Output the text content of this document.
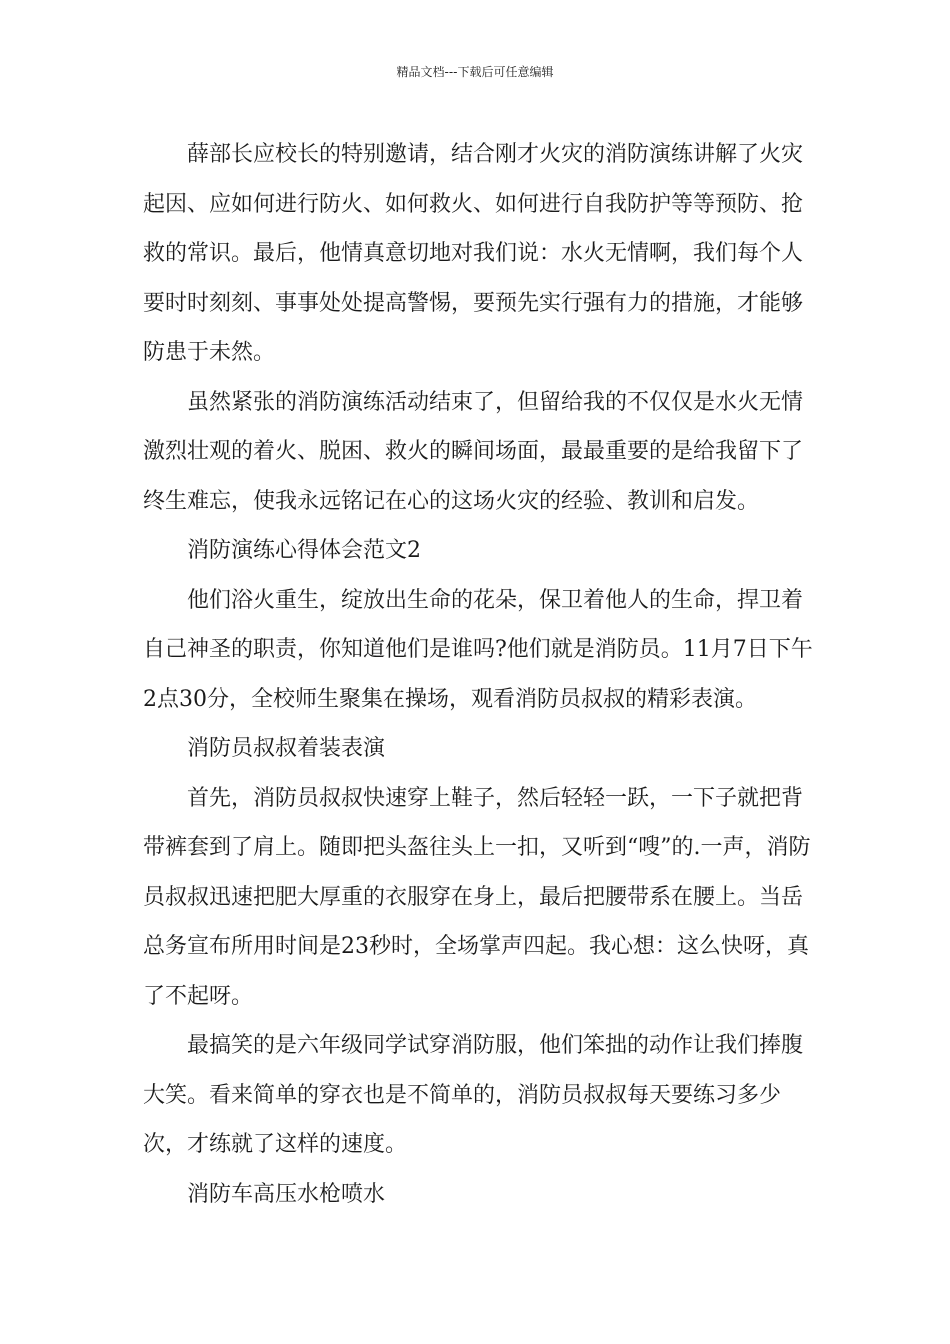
精品文档---下载后可任意编辑

薛部长应校长的特别邀请，结合刚才火灾的消防演练讲解了火灾起因、应如何进行防火、如何救火、如何进行自我防护等等预防、抢救的常识。最后，他情真意切地对我们说：水火无情啊，我们每个人要时时刻刻、事事处处提高警惕，要预先实行强有力的措施，才能够防患于未然。

虽然紧张的消防演练活动结束了，但留给我的不仅仅是水火无情激烈壮观的着火、脱困、救火的瞬间场面，最最重要的是给我留下了终生难忘，使我永远铭记在心的这场火灾的经验、教训和启发。

消防演练心得体会范文2

他们浴火重生，绽放出生命的花朵，保卫着他人的生命，捍卫着自己神圣的职责，你知道他们是谁吗?他们就是消防员。11月7日下午2点30分，全校师生聚集在操场，观看消防员叔叔的精彩表演。

消防员叔叔着装表演

首先，消防员叔叔快速穿上鞋子，然后轻轻一跃，一下子就把背带裤套到了肩上。随即把头盔往头上一扣，又听到“嗖”的.一声，消防员叔叔迅速把肥大厚重的衣服穿在身上，最后把腰带系在腰上。当岳总务宣布所用时间是23秒时，全场掌声四起。我心想：这么快呀，真了不起呀。

最搞笑的是六年级同学试穿消防服，他们笨拙的动作让我们捧腹大笑。看来简单的穿衣也是不简单的，消防员叔叔每天要练习多少次，才练就了这样的速度。

消防车高压水枪喷水
